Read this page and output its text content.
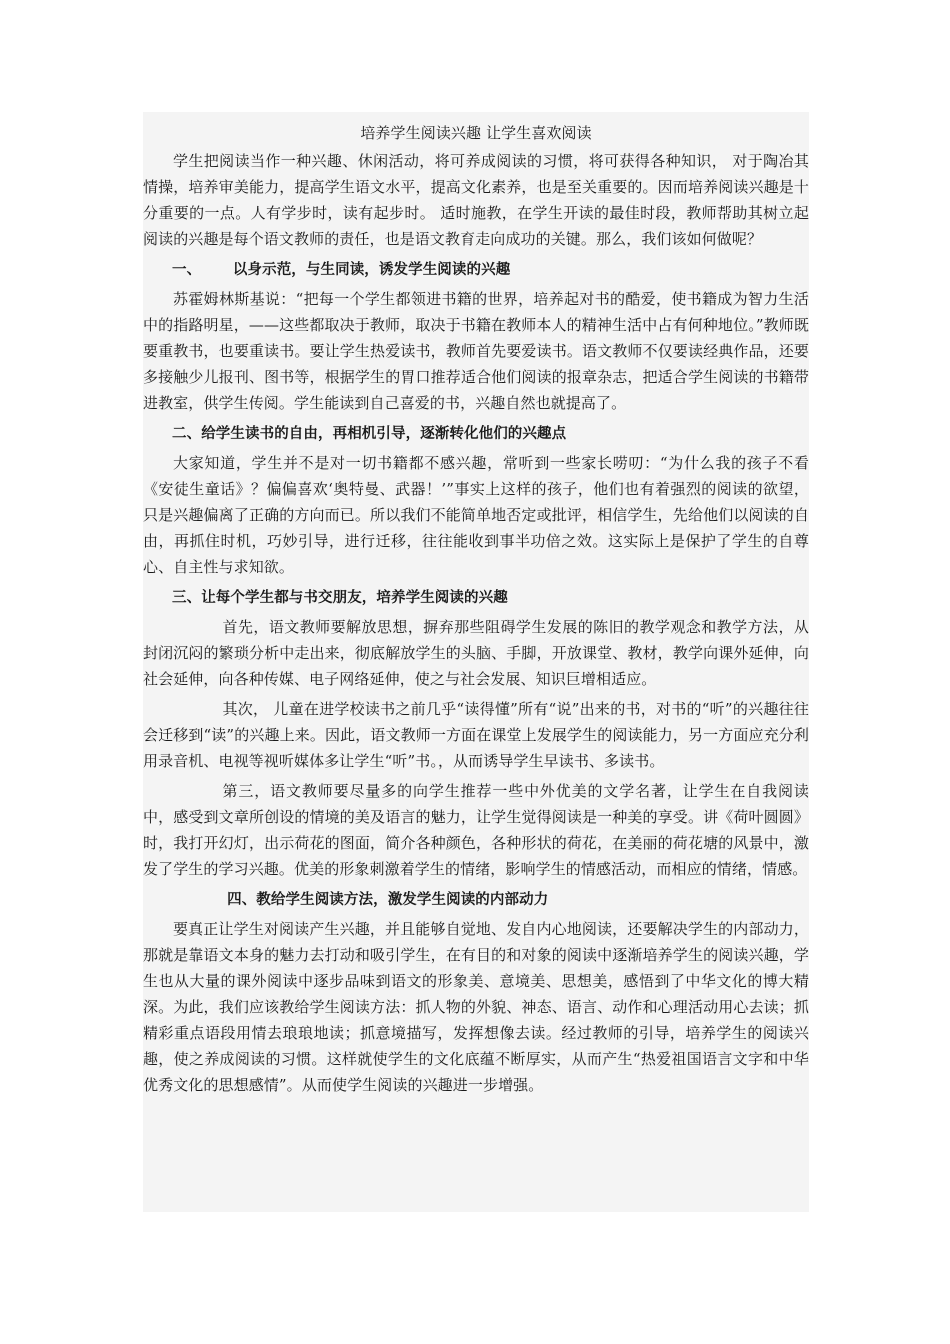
培养学生阅读兴趣 让学生喜欢阅读

学生把阅读当作一种兴趣、休闲活动，将可养成阅读的习惯，将可获得各种知识， 对于陶冶其情操，培养审美能力，提高学生语文水平，提高文化素养，也是至关重要的。因而培养阅读兴趣是十分重要的一点。人有学步时，读有起步时。 适时施教，在学生开读的最佳时段，教师帮助其树立起阅读的兴趣是每个语文教师的责任，也是语文教育走向成功的关键。那么，我们该如何做呢？

一、 以身示范，与生同读，诱发学生阅读的兴趣

苏霍姆林斯基说：“把每一个学生都领进书籍的世界，培养起对书的酷爱，使书籍成为智力生活中的指路明星，——这些都取决于教师，取决于书籍在教师本人的精神生活中占有何种地位。”教师既要重教书，也要重读书。要让学生热爱读书，教师首先要爱读书。语文教师不仅要读经典作品，还要多接触少儿报刊、图书等，根据学生的胃口推荐适合他们阅读的报章杂志，把适合学生阅读的书籍带进教室，供学生传阅。学生能读到自己喜爱的书，兴趣自然也就提高了。

二、给学生读书的自由，再相机引导，逐渐转化他们的兴趣点

大家知道，学生并不是对一切书籍都不感兴趣，常听到一些家长唠叨：“为什么我的孩子不看《安徒生童话》？偏偏喜欢‘奥特曼、武器！’”事实上这样的孩子，他们也有着强烈的阅读的欲望，只是兴趣偏离了正确的方向而已。所以我们不能简单地否定或批评，相信学生，先给他们以阅读的自由，再抓住时机，巧妙引导，进行迁移，往往能收到事半功倍之效。这实际上是保护了学生的自尊心、自主性与求知欲。

三、让每个学生都与书交朋友，培养学生阅读的兴趣

首先，语文教师要解放思想，摒弃那些阻碍学生发展的陈旧的教学观念和教学方法，从封闭沉闷的繁琐分析中走出来，彻底解放学生的头脑、手脚，开放课堂、教材，教学向课外延伸，向社会延伸，向各种传媒、电子网络延伸，使之与社会发展、知识巨增相适应。

其次， 儿童在进学校读书之前几乎“读得懂”所有“说”出来的书，对书的“听”的兴趣往往会迁移到“读”的兴趣上来。因此，语文教师一方面在课堂上发展学生的阅读能力，另一方面应充分利用录音机、电视等视听媒体多让学生“听”书。，从而诱导学生早读书、多读书。

第三，语文教师要尽量多的向学生推荐一些中外优美的文学名著，让学生在自我阅读中，感受到文章所创设的情境的美及语言的魅力，让学生觉得阅读是一种美的享受。讲《荷叶圆圆》时，我打开幻灯，出示荷花的图面，简介各种颜色，各种形状的荷花，在美丽的荷花塘的风景中，激发了学生的学习兴趣。优美的形象刺激着学生的情绪，影响学生的情感活动，而相应的情绪，情感。

四、教给学生阅读方法，激发学生阅读的内部动力

要真正让学生对阅读产生兴趣，并且能够自觉地、发自内心地阅读，还要解决学生的内部动力，那就是靠语文本身的魅力去打动和吸引学生，在有目的和对象的阅读中逐渐培养学生的阅读兴趣，学生也从大量的课外阅读中逐步品味到语文的形象美、意境美、思想美，感悟到了中华文化的博大精深。为此，我们应该教给学生阅读方法：抓人物的外貌、神态、语言、动作和心理活动用心去读；抓精彩重点语段用情去琅琅地读；抓意境描写，发挥想像去读。经过教师的引导，培养学生的阅读兴趣，使之养成阅读的习惯。这样就使学生的文化底蕴不断厚实，从而产生“热爱祖国语言文字和中华优秀文化的思想感情”。从而使学生阅读的兴趣进一步增强。
